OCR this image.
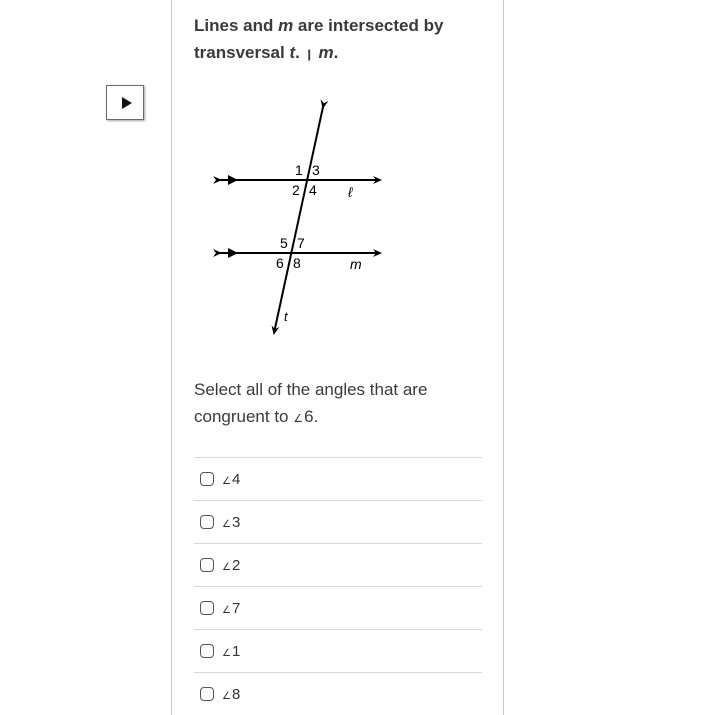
Lines and m are intersected by transversal t. ❙ m.
1 3
2 4 ℓ
5 7
6 8	m
t
Select all of the angles that are congruent to ∠6.
∠4
∠3
∠2
∠7
∠1
∠8
